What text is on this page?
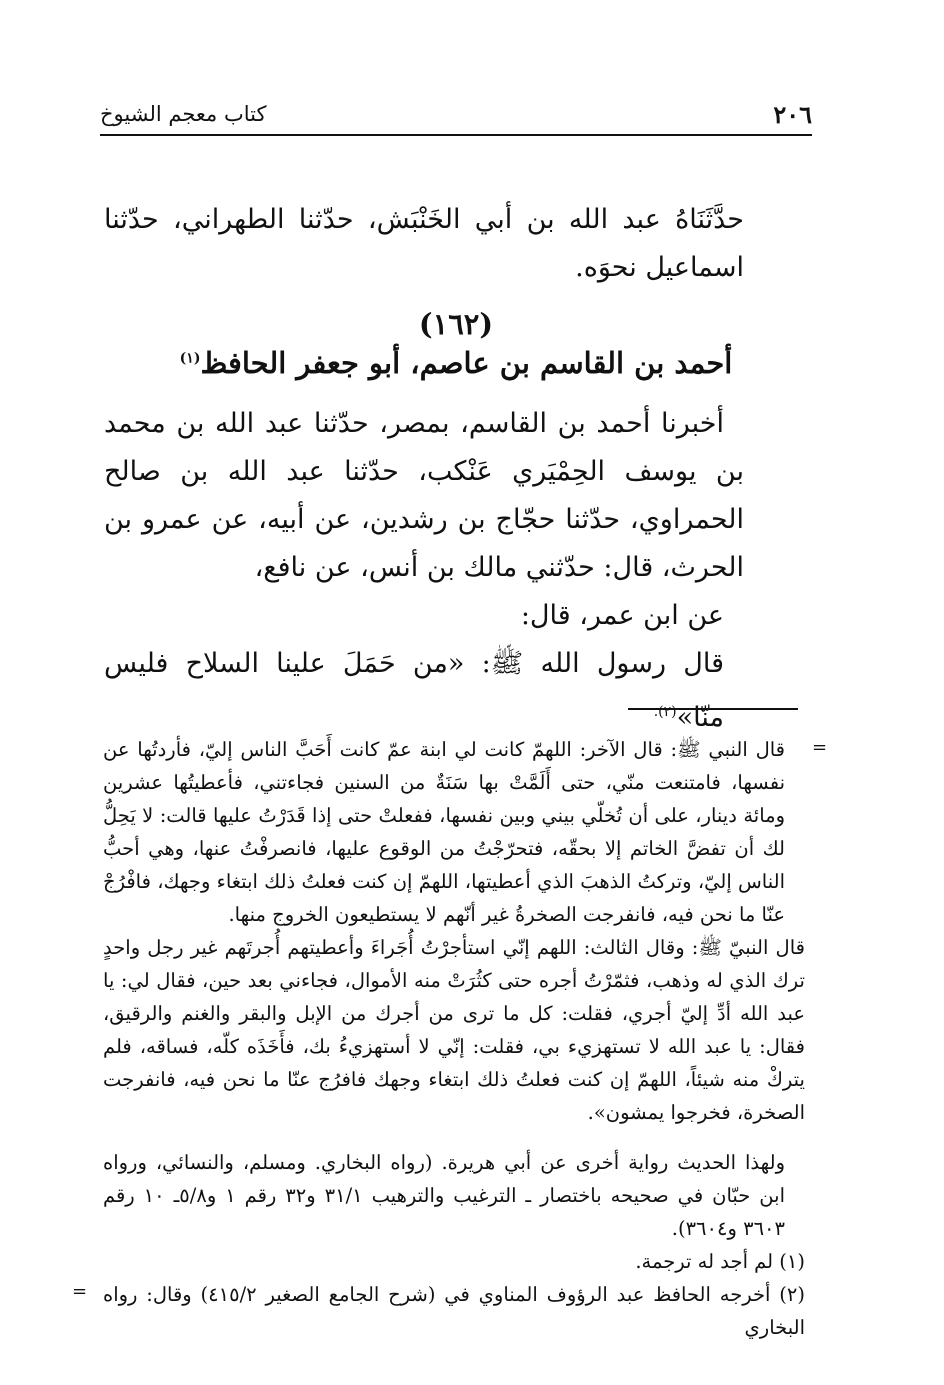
٢٠٦
كتاب معجم الشيوخ
حدَّثَنَاهُ عبد الله بن أبي الخَنْبَش، حدّثنا الطهراني، حدّثنا اسماعيل نحوَه.
(١٦٢)
أحمد بن القاسم بن عاصم، أبو جعفر الحافظ$^{(١)}$
أخبرنا أحمد بن القاسم، بمصر، حدّثنا عبد الله بن محمد بن يوسف الحِمْيَري عَنْكب، حدّثنا عبد الله بن صالح الحمراوي، حدّثنا حجّاج بن رشدين، عن أبيه، عن عمرو بن الحرث، قال: حدّثني مالك بن أنس، عن نافع،
عن ابن عمر، قال:
قال رسول الله ﷺ: «من حَمَلَ علينا السلاح فليس منّا»$^{(٢).}$
=
قال النبي ﷺ: قال الآخر: اللهمّ كانت لي ابنة عمّ كانت أَحَبَّ الناس إليّ، فأردتُها عن نفسها، فامتنعت منّي، حتى أَلَمَّتْ بها سَنَةٌ من السنين فجاءتني، فأعطيتُها عشرين ومائة دينار، على أن تُخلّي بيني وبين نفسها، ففعلتْ حتى إذا قَدَرْتُ عليها قالت: لا يَحِلُّ لك أن تفضَّ الخاتم إلا بحقّه، فتحرّجْتُ من الوقوع عليها، فانصرفْتُ عنها، وهي أحبُّ الناس إليّ، وتركتُ الذهبَ الذي أعطيتها، اللهمّ إن كنت فعلتُ ذلك ابتغاء وجهك، فافْرُجْ عنّا ما نحن فيه، فانفرجت الصخرةُ غير أنّهم لا يستطيعون الخروج منها.
قال النبيّ ﷺ: وقال الثالث: اللهم إنّي استأجرْتُ أُجَراءَ وأعطيتهم أُجرتَهم غير رجل واحدٍ ترك الذي له وذهب، فثمّرْتُ أجره حتى كثُرَتْ منه الأموال، فجاءني بعد حين، فقال لي: يا عبد الله أدِّ إليّ أجري، فقلت: كل ما ترى من أجرك من الإبل والبقر والغنم والرقيق، فقال: يا عبد الله لا تستهزيء بي، فقلت: إنّي لا أستهزيءُ بك، فأَخَذَه كلّه، فساقه، فلم يتركْ منه شيئاً، اللهمّ إن كنت فعلتُ ذلك ابتغاء وجهك فافرُج عنّا ما نحن فيه، فانفرجت الصخرة، فخرجوا يمشون».
ولهذا الحديث رواية أخرى عن أبي هريرة. (رواه البخاري. ومسلم، والنسائي، ورواه ابن حبّان في صحيحه باختصار ـ الترغيب والترهيب ٣١/١ و٣٢ رقم ١ و٥/٨ـ ١٠ رقم ٣٦٠٣ و٣٦٠٤).
(١) لم أجد له ترجمة.
(٢) أخرجه الحافظ عبد الرؤوف المناوي في (شرح الجامع الصغير ٤١٥/٢) وقال: رواه البخاري
=
